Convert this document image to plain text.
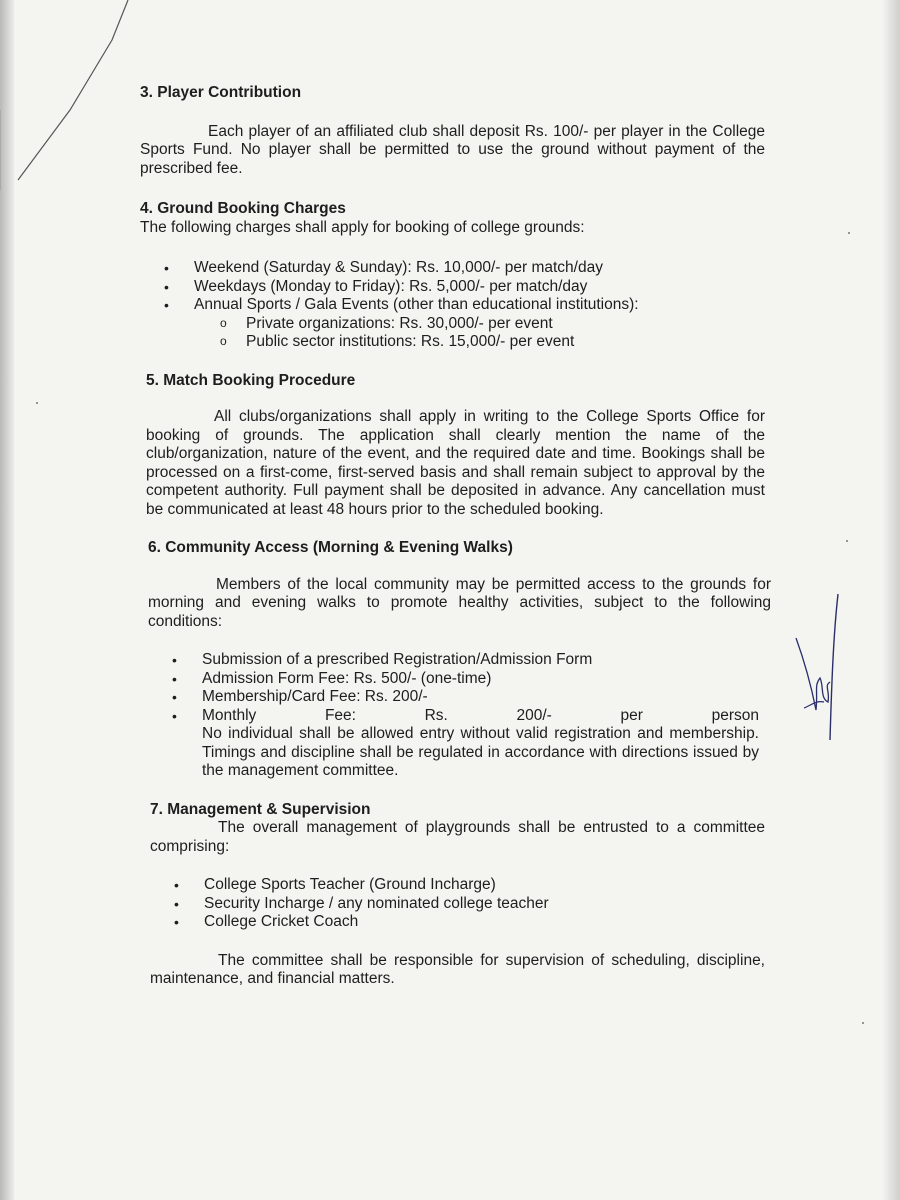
3. Player Contribution

Each player of an affiliated club shall deposit Rs. 100/- per player in the College Sports Fund. No player shall be permitted to use the ground without payment of the prescribed fee.

4. Ground Booking Charges

The following charges shall apply for booking of college grounds:

• Weekend (Saturday & Sunday): Rs. 10,000/- per match/day
• Weekdays (Monday to Friday): Rs. 5,000/- per match/day
• Annual Sports / Gala Events (other than educational institutions):
o Private organizations: Rs. 30,000/- per event
o Public sector institutions: Rs. 15,000/- per event
5. Match Booking Procedure

All clubs/organizations shall apply in writing to the College Sports Office for booking of grounds. The application shall clearly mention the name of the club/organization, nature of the event, and the required date and time. Bookings shall be processed on a first-come, first-served basis and shall remain subject to approval by the competent authority. Full payment shall be deposited in advance. Any cancellation must be communicated at least 48 hours prior to the scheduled booking.

6. Community Access (Morning & Evening Walks)

Members of the local community may be permitted access to the grounds for morning and evening walks to promote healthy activities, subject to the following conditions:

• Submission of a prescribed Registration/Admission Form
• Admission Form Fee: Rs. 500/- (one-time)
• Membership/Card Fee: Rs. 200/-
• Monthly	Fee:	Rs.	200/-	per	person

No individual shall be allowed entry without valid registration and membership. Timings and discipline shall be regulated in accordance with directions issued by the management committee.

7. Management & Supervision

The overall management of playgrounds shall be entrusted to a committee comprising:

• College Sports Teacher (Ground Incharge)
• Security Incharge / any nominated college teacher
• College Cricket Coach

The committee shall be responsible for supervision of scheduling, discipline, maintenance, and financial matters.
